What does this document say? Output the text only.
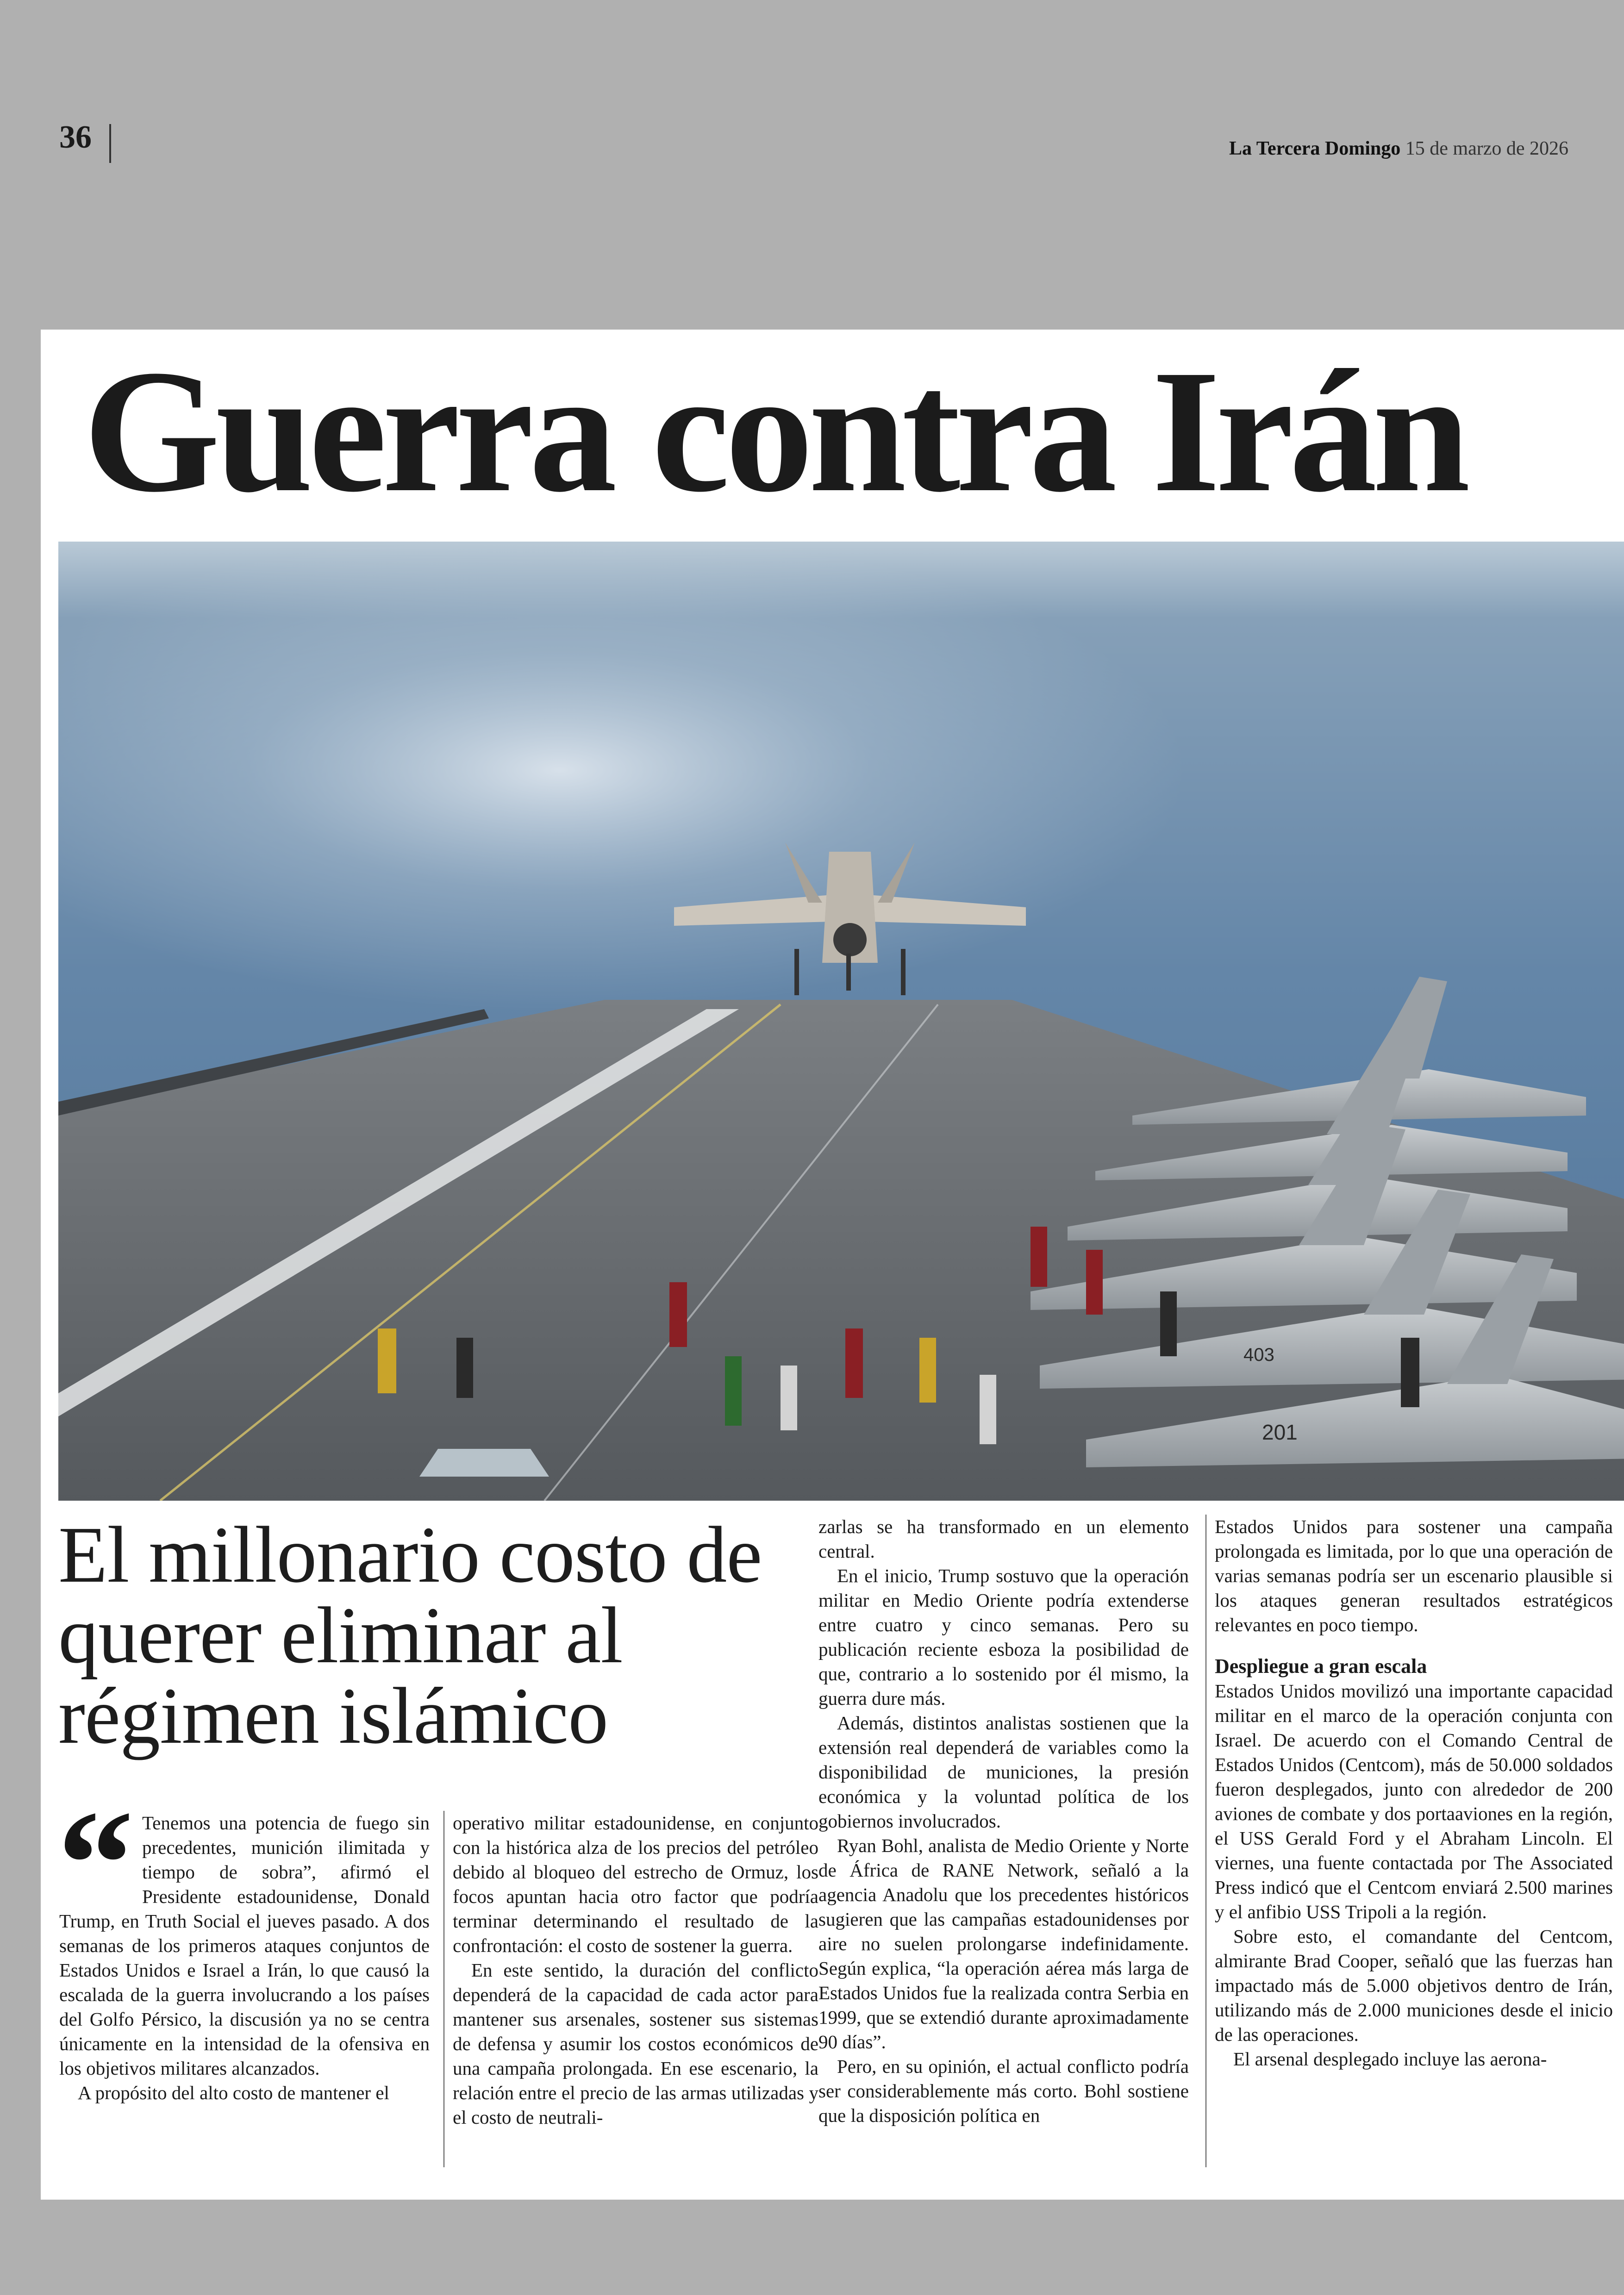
36	La Tercera Domingo 15 de marzo de 2026
Guerra contra Irán
403
201
El millonario costo de querer eliminar al régimen islámico
“ Tenemos una potencia de fuego sin precedentes, munición ilimitada y tiempo de sobra”, afirmó el Presidente estadounidense, Donald Trump, en Truth Social el jueves pasado. A dos semanas de los primeros ataques conjuntos de Estados Unidos e Israel a Irán, lo que causó la escalada de la guerra involucrando a los países del Golfo Pérsico, la discusión ya no se centra únicamente en la intensidad de la ofensiva en los objetivos militares alcanzados.

A propósito del alto costo de mantener el

operativo militar estadounidense, en conjunto con la histórica alza de los precios del petróleo debido al bloqueo del estrecho de Ormuz, los focos apuntan hacia otro factor que podría terminar determinando el resultado de la confrontación: el costo de sostener la guerra.

En este sentido, la duración del conflicto dependerá de la capacidad de cada actor para mantener sus arsenales, sostener sus sistemas de defensa y asumir los costos económicos de una campaña prolongada. En ese escenario, la relación entre el precio de las armas utilizadas y el costo de neutrali-

zarlas se ha transformado en un elemento central.

En el inicio, Trump sostuvo que la operación militar en Medio Oriente podría extenderse entre cuatro y cinco semanas. Pero su publicación reciente esboza la posibilidad de que, contrario a lo sostenido por él mismo, la guerra dure más.

Además, distintos analistas sostienen que la extensión real dependerá de variables como la disponibilidad de municiones, la presión económica y la voluntad política de los gobiernos involucrados.

Ryan Bohl, analista de Medio Oriente y Norte de África de RANE Network, señaló a la agencia Anadolu que los precedentes históricos sugieren que las campañas estadounidenses por aire no suelen prolongarse indefinidamente. Según explica, “la operación aérea más larga de Estados Unidos fue la realizada contra Serbia en 1999, que se extendió durante aproximadamente 90 días”.

Pero, en su opinión, el actual conflicto podría ser considerablemente más corto. Bohl sostiene que la disposición política en

Estados Unidos para sostener una campaña prolongada es limitada, por lo que una operación de varias semanas podría ser un escenario plausible si los ataques generan resultados estratégicos relevantes en poco tiempo.

Despliegue a gran escala

Estados Unidos movilizó una importante capacidad militar en el marco de la operación conjunta con Israel. De acuerdo con el Comando Central de Estados Unidos (Centcom), más de 50.000 soldados fueron desplegados, junto con alrededor de 200 aviones de combate y dos portaaviones en la región, el USS Gerald Ford y el Abraham Lincoln. El viernes, una fuente contactada por The Associated Press indicó que el Centcom enviará 2.500 marines y el anfibio USS Tripoli a la región.

Sobre esto, el comandante del Centcom, almirante Brad Cooper, señaló que las fuerzas han impactado más de 5.000 objetivos dentro de Irán, utilizando más de 2.000 municiones desde el inicio de las operaciones.

El arsenal desplegado incluye las aerona-
